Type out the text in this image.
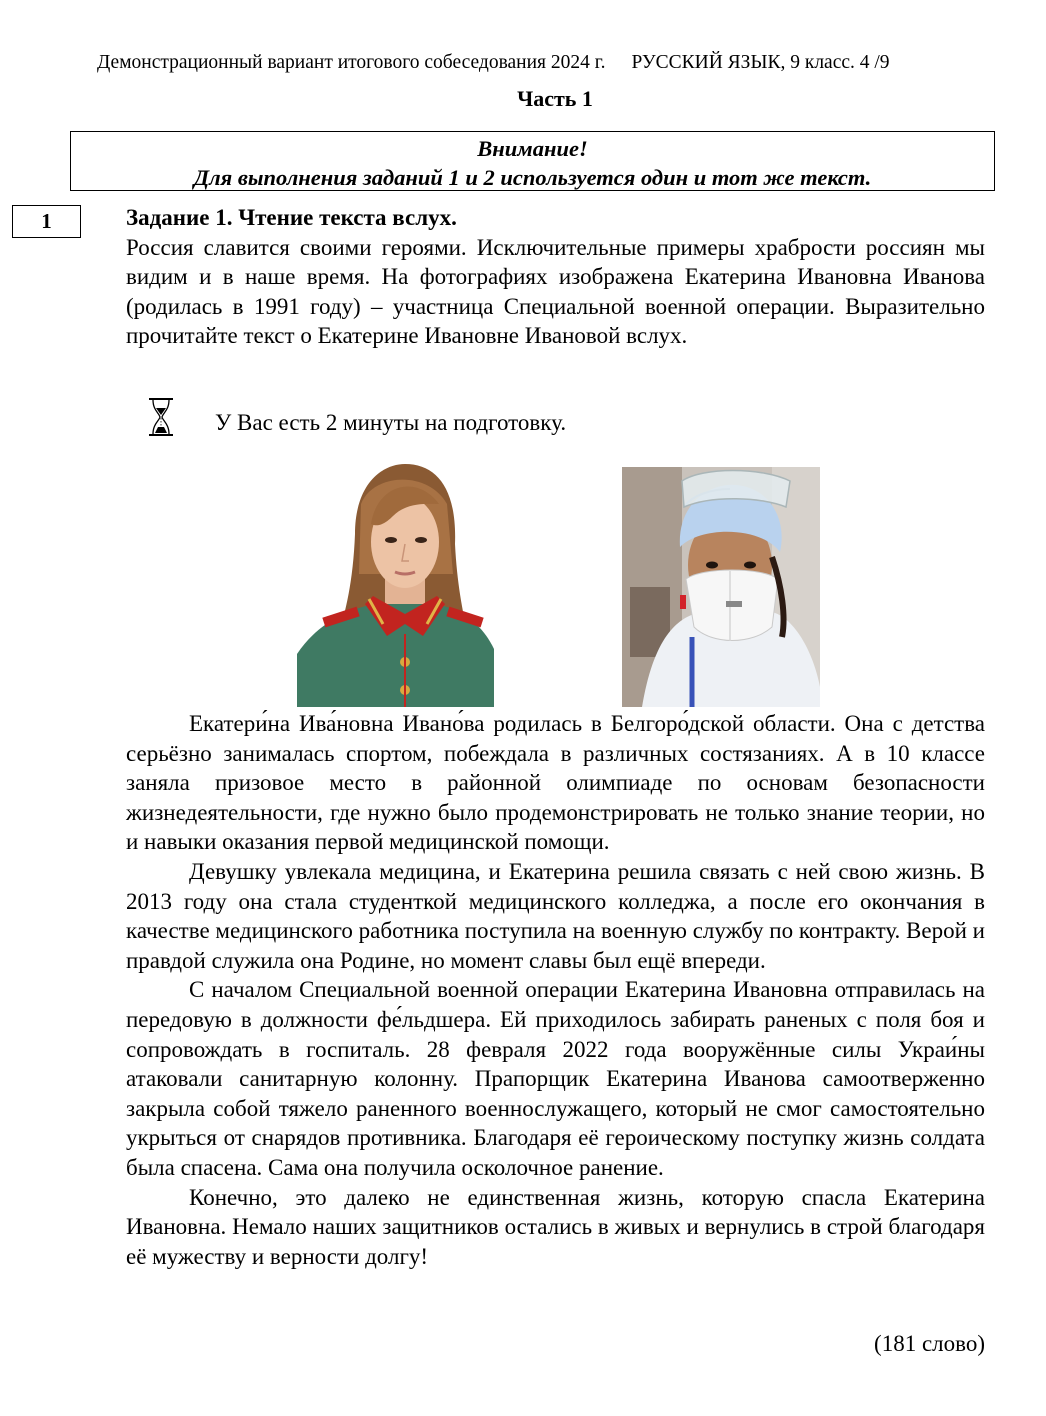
Демонстрационный вариант итогового собеседования 2024 г. РУССКИЙ ЯЗЫК, 9 класс. 4 /9
Часть 1
Внимание!
Для выполнения заданий 1 и 2 используется один и тот же текст.
1	Задание 1. Чтение текста вслух.
Россия славится своими героями. Исключительные примеры храбрости россиян мы видим и в наше время. На фотографиях изображена Екатерина Ивановна Иванова (родилась в 1991 году) – участница Специальной военной операции. Выразительно прочитайте текст о Екатерине Ивановне Ивановой вслух.
У Вас есть 2 минуты на подготовку.

Екатери́на Ива́новна Ивано́ва родилась в Белгоро́дской области. Она с детства серьёзно занималась спортом, побеждала в различных состязаниях. А в 10 классе заняла призовое место в районной олимпиаде по основам безопасности жизнедеятельности, где нужно было продемонстрировать не только знание теории, но и навыки оказания первой медицинской помощи.

Девушку увлекала медицина, и Екатерина решила связать с ней свою жизнь. В 2013 году она стала студенткой медицинского колледжа, а после его окончания в качестве медицинского работника поступила на военную службу по контракту. Верой и правдой служила она Родине, но момент славы был ещё впереди.

С началом Специальной военной операции Екатерина Ивановна отправилась на передовую в должности фе́льдшера. Ей приходилось забирать раненых с поля боя и сопровождать в госпиталь. 28 февраля 2022 года вооружённые силы Украи́ны атаковали санитарную колонну. Прапорщик Екатерина Иванова самоотверженно закрыла собой тяжело раненного военнослужащего, который не смог самостоятельно укрыться от снарядов противника. Благодаря её героическому поступку жизнь солдата была спасена. Сама она получила осколочное ранение.

Конечно, это далеко не единственная жизнь, которую спасла Екатерина Ивановна. Немало наших защитников остались в живых и вернулись в строй благодаря её мужеству и верности долгу!

(181 слово)
